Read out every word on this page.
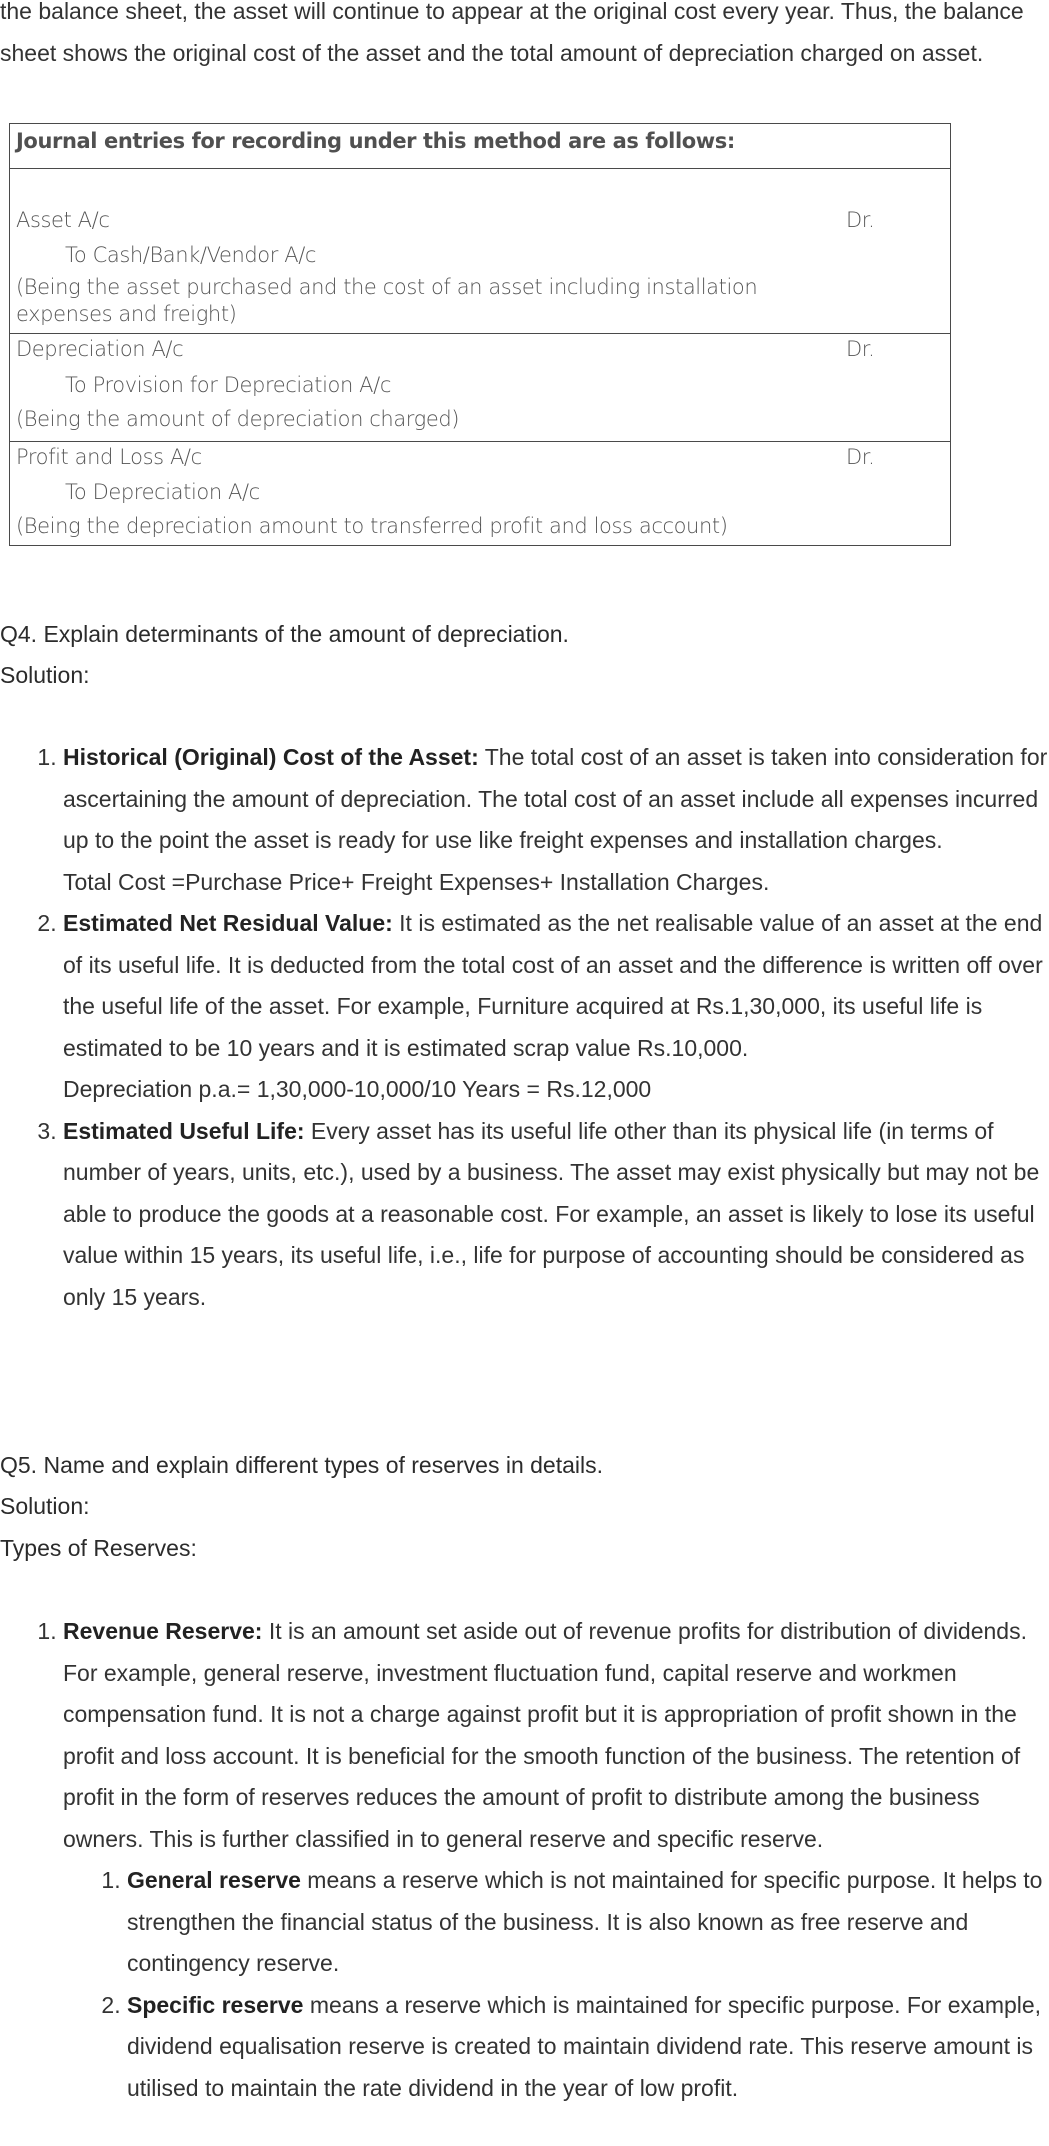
the balance sheet, the asset will continue to appear at the original cost every year. Thus, the balance sheet shows the original cost of the asset and the total amount of depreciation charged on asset.

Journal entries for recording under this method are as follows:
Asset A/c	Dr.
To Cash/Bank/Vendor A/c
(Being the asset purchased and the cost of an asset including installation expenses and freight)
Depreciation A/c	Dr.
To Provision for Depreciation A/c
(Being the amount of depreciation charged)
Profit and Loss A/c	Dr.
To Depreciation A/c
(Being the depreciation amount to transferred profit and loss account)

Q4. Explain determinants of the amount of depreciation.

Solution:

1. Historical (Original) Cost of the Asset: The total cost of an asset is taken into consideration for ascertaining the amount of depreciation. The total cost of an asset include all expenses incurred up to the point the asset is ready for use like freight expenses and installation charges.
Total Cost =Purchase Price+ Freight Expenses+ Installation Charges.
2. Estimated Net Residual Value: It is estimated as the net realisable value of an asset at the end of its useful life. It is deducted from the total cost of an asset and the difference is written off over the useful life of the asset. For example, Furniture acquired at Rs.1,30,000, its useful life is estimated to be 10 years and it is estimated scrap value Rs.10,000.
Depreciation p.a.= 1,30,000-10,000/10 Years = Rs.12,000
3. Estimated Useful Life: Every asset has its useful life other than its physical life (in terms of number of years, units, etc.), used by a business. The asset may exist physically but may not be able to produce the goods at a reasonable cost. For example, an asset is likely to lose its useful value within 15 years, its useful life, i.e., life for purpose of accounting should be considered as only 15 years.

Q5. Name and explain different types of reserves in details.

Solution:

Types of Reserves:

1. Revenue Reserve: It is an amount set aside out of revenue profits for distribution of dividends. For example, general reserve, investment fluctuation fund, capital reserve and workmen compensation fund. It is not a charge against profit but it is appropriation of profit shown in the profit and loss account. It is beneficial for the smooth function of the business. The retention of profit in the form of reserves reduces the amount of profit to distribute among the business owners. This is further classified in to general reserve and specific reserve.
1. General reserve means a reserve which is not maintained for specific purpose. It helps to strengthen the financial status of the business. It is also known as free reserve and contingency reserve.
2. Specific reserve means a reserve which is maintained for specific purpose. For example, dividend equalisation reserve is created to maintain dividend rate. This reserve amount is utilised to maintain the rate dividend in the year of low profit.
